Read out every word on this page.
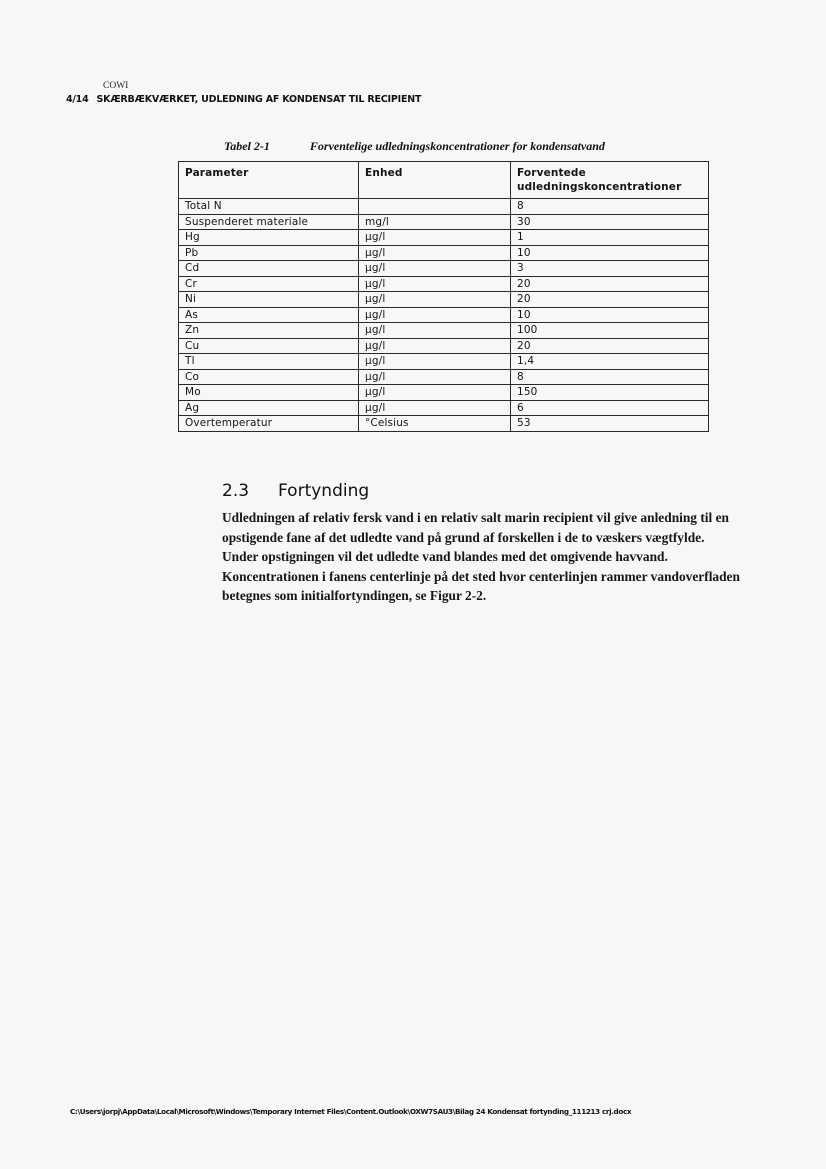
COWI
4/14 SKÆRBÆKVÆRKET, UDLEDNING AF KONDENSAT TIL RECIPIENT
Tabel 2-1	Forventelige udledningskoncentrationer for kondensatvand
Parameter	Enhed	Forventede
udledningskoncentrationer
Total N		8
Suspenderet materiale	mg/l	30
Hg	µg/l	1
Pb	µg/l	10
Cd	µg/l	3
Cr	µg/l	20
Ni	µg/l	20
As	µg/l	10
Zn	µg/l	100
Cu	µg/l	20
Tl	µg/l	1,4
Co	µg/l	8
Mo	µg/l	150
Ag	µg/l	6
Overtemperatur	°Celsius	53
2.3 Fortynding
Udledningen af relativ fersk vand i en relativ salt marin recipient vil give anledning til en
opstigende fane af det udledte vand på grund af forskellen i de to væskers vægtfylde.
Under opstigningen vil det udledte vand blandes med det omgivende havvand.
Koncentrationen i fanens centerlinje på det sted hvor centerlinjen rammer vandoverfladen
betegnes som initialfortyndingen, se Figur 2-2.
C:\Users\jorpj\AppData\Local\Microsoft\Windows\Temporary Internet Files\Content.Outlook\OXW7SAU3\Bilag 24 Kondensat fortynding_111213 crj.docx
